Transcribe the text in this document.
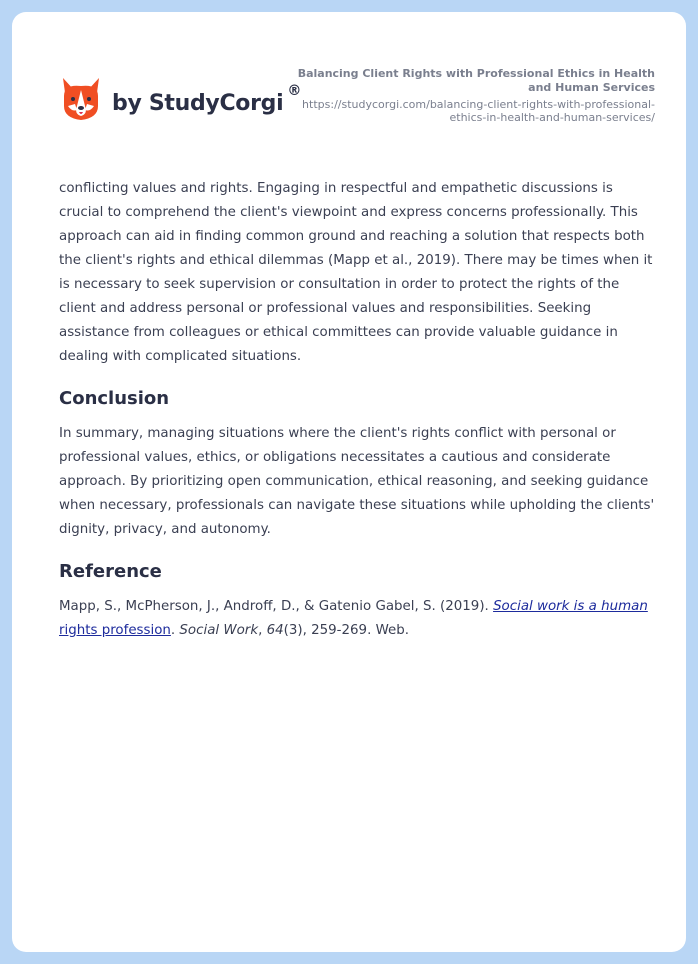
by StudyCorgi ®
Balancing Client Rights with Professional Ethics in Health and Human Services
https://studycorgi.com/balancing-client-rights-with-professional-ethics-in-health-and-human-services/

conflicting values and rights. Engaging in respectful and empathetic discussions is crucial to comprehend the client's viewpoint and express concerns professionally. This approach can aid in finding common ground and reaching a solution that respects both the client's rights and ethical dilemmas (Mapp et al., 2019). There may be times when it is necessary to seek supervision or consultation in order to protect the rights of the client and address personal or professional values and responsibilities. Seeking assistance from colleagues or ethical committees can provide valuable guidance in dealing with complicated situations.

Conclusion

In summary, managing situations where the client's rights conflict with personal or professional values, ethics, or obligations necessitates a cautious and considerate approach. By prioritizing open communication, ethical reasoning, and seeking guidance when necessary, professionals can navigate these situations while upholding the clients' dignity, privacy, and autonomy.

Reference

Mapp, S., McPherson, J., Androff, D., & Gatenio Gabel, S. (2019). Social work is a human rights profession. Social Work, 64(3), 259-269. Web.
